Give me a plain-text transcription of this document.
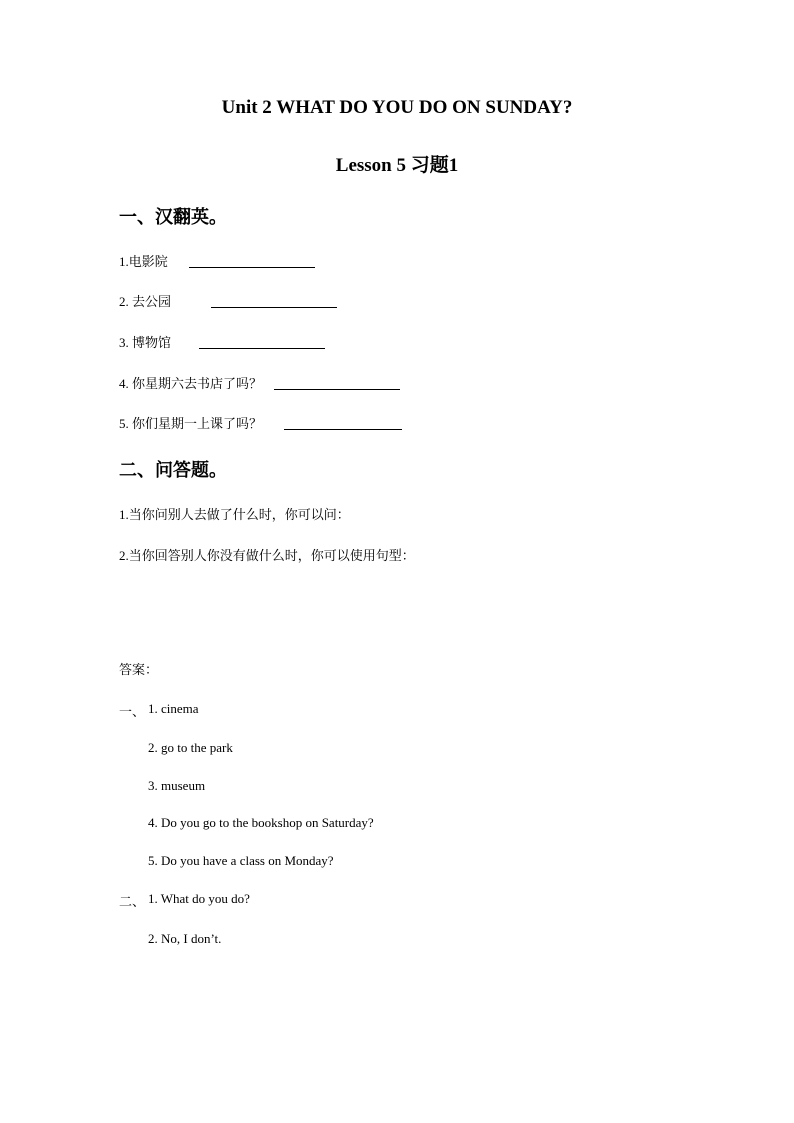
Unit 2 WHAT DO YOU DO ON SUNDAY?
Lesson 5 习题1
一、汉翻英。
1.电影院
2. 去公园
3. 博物馆
4. 你星期六去书店了吗？
5. 你们星期一上课了吗？
二、问答题。
1.当你问别人去做了什么时，你可以问：
2.当你回答别人你没有做什么时，你可以使用句型：
答案：
一、 1. cinema
2. go to the park
3. museum
4. Do you go to the bookshop on Saturday?
5. Do you have a class on Monday?
二、 1. What do you do?
2. No, I don’t.
